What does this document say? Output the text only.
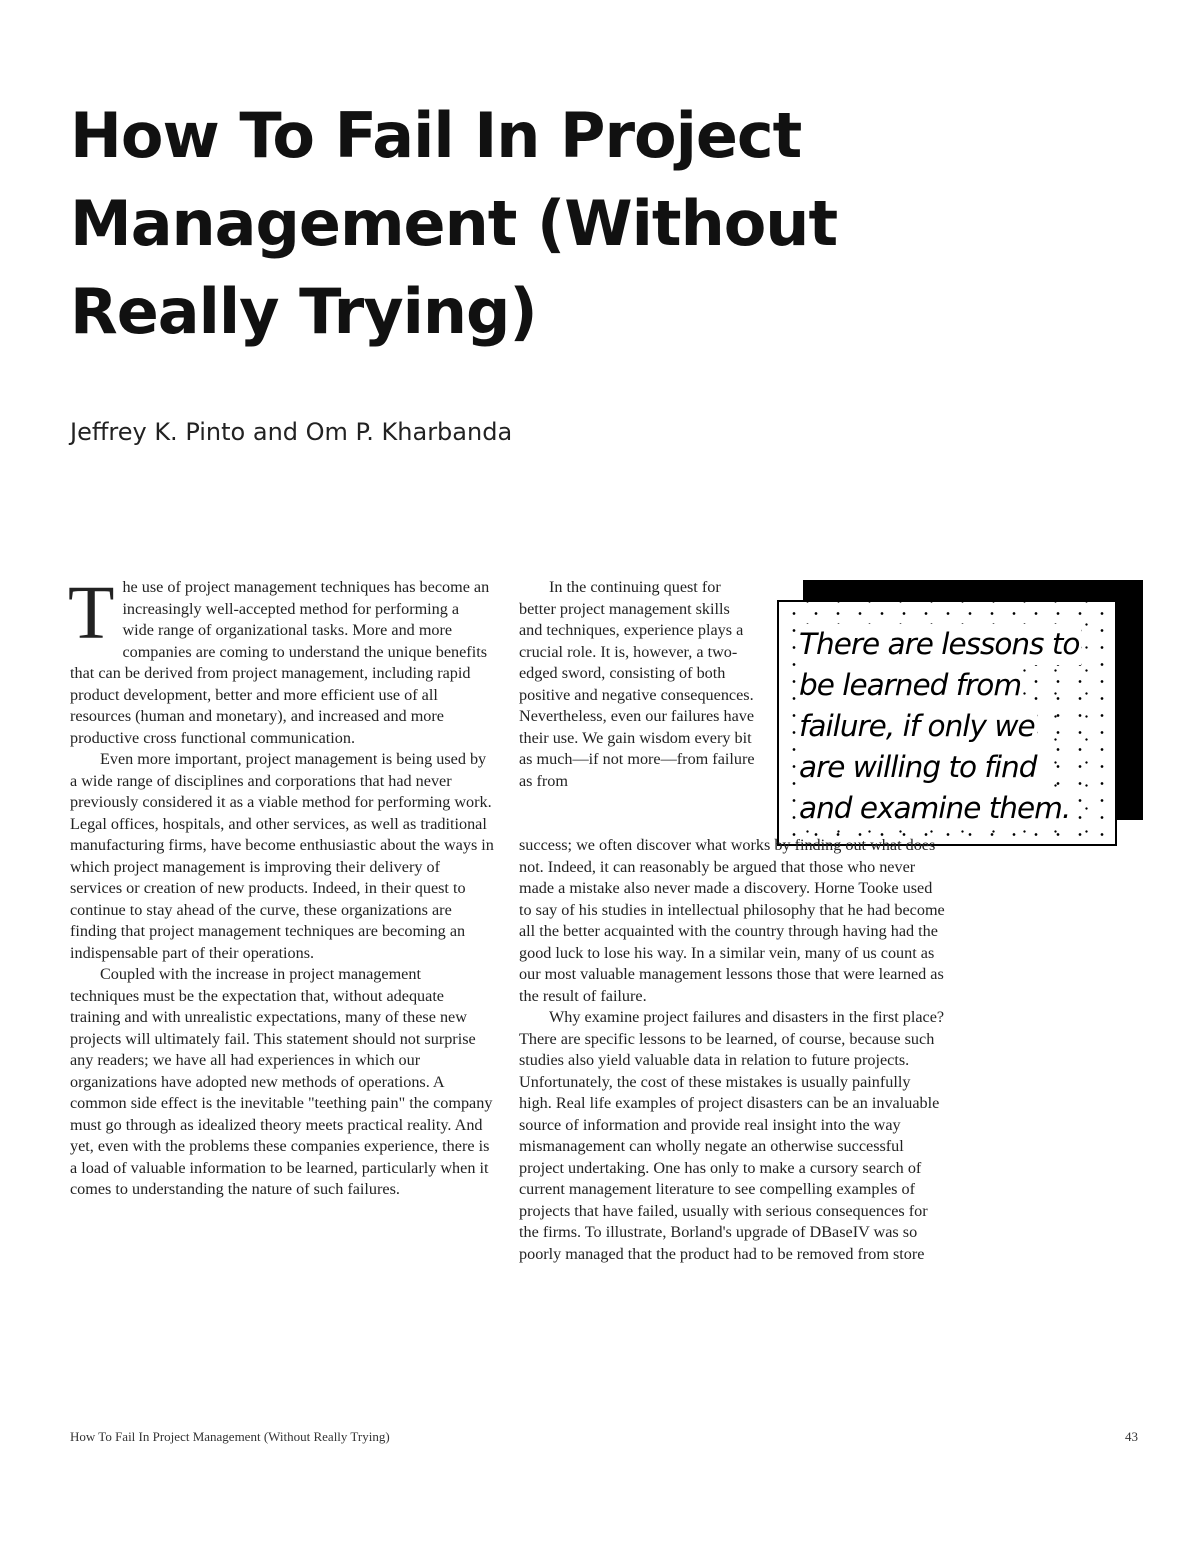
How To Fail In Project
Management (Without
Really Trying)
Jeffrey K. Pinto and Om P. Kharbanda

The use of project management techniques has become an increasingly well-accepted method for performing a wide range of organizational tasks. More and more companies are coming to understand the unique benefits that can be derived from project management, including rapid product development, better and more efficient use of all resources (human and monetary), and increased and more productive cross functional communication.

Even more important, project management is being used by a wide range of disciplines and corporations that had never previously considered it as a viable method for performing work. Legal offices, hospitals, and other services, as well as traditional manufacturing firms, have become enthusiastic about the ways in which project management is improving their delivery of services or creation of new products. Indeed, in their quest to continue to stay ahead of the curve, these organizations are finding that project management techniques are becoming an indispensable part of their operations.

Coupled with the increase in project management techniques must be the expectation that, without adequate training and with unrealistic expectations, many of these new projects will ultimately fail. This statement should not surprise any readers; we have all had experiences in which our organizations have adopted new methods of operations. A common side effect is the inevitable "teething pain" the company must go through as idealized theory meets practical reality. And yet, even with the problems these companies experience, there is a load of valuable information to be learned, particularly when it comes to understanding the nature of such failures.

In the continuing quest for better project management skills and techniques, experience plays a crucial role. It is, however, a two-edged sword, consisting of both positive and negative consequences. Nevertheless, even our failures have their use. We gain wisdom every bit as much—if not more—from failure as from

There are lessons to
be learned from
failure, if only we
are willing to find
and examine them.

success; we often discover what works by finding out what does not. Indeed, it can reasonably be argued that those who never made a mistake also never made a discovery. Horne Tooke used to say of his studies in intellectual philosophy that he had become all the better acquainted with the country through having had the good luck to lose his way. In a similar vein, many of us count as our most valuable management lessons those that were learned as the result of failure.

Why examine project failures and disasters in the first place? There are specific lessons to be learned, of course, because such studies also yield valuable data in relation to future projects. Unfortunately, the cost of these mistakes is usually painfully high. Real life examples of project disasters can be an invaluable source of information and provide real insight into the way mismanagement can wholly negate an otherwise successful project undertaking. One has only to make a cursory search of current management literature to see compelling examples of projects that have failed, usually with serious consequences for the firms. To illustrate, Borland's upgrade of DBaseIV was so poorly managed that the product had to be removed from store

How To Fail In Project Management (Without Really Trying)	43
